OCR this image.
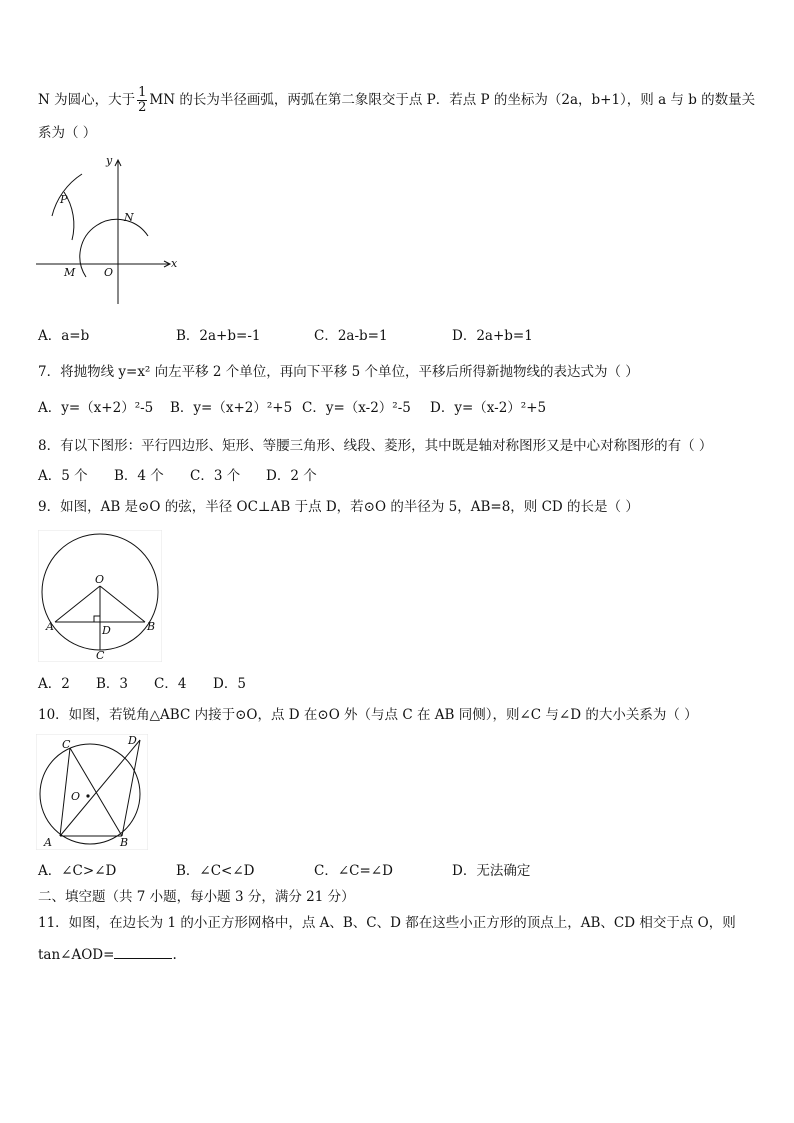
N 为圆心，大于 $\frac{1}{2}$ MN 的长为半径画弧，两弧在第二象限交于点 P．若点 P 的坐标为（2a，b+1），则 a 与 b 的数量关
系为（ ）
y
x
P
N
M	O
A．a=b	B．2a+b=-1	C．2a-b=1	D．2a+b=1
7．将抛物线 y=x² 向左平移 2 个单位，再向下平移 5 个单位，平移后所得新抛物线的表达式为（ ）
A．y=（x+2）²-5 B．y=（x+2）²+5 C．y=（x-2）²-5 D．y=（x-2）²+5
8．有以下图形：平行四边形、矩形、等腰三角形、线段、菱形，其中既是轴对称图形又是中心对称图形的有（ ）
A．5 个 B．4 个 C．3 个 D．2 个
9．如图，AB 是⊙O 的弦，半径 OC⊥AB 于点 D，若⊙O 的半径为 5，AB=8，则 CD 的长是（ ）
O
A	B
D
C
A．2 B．3 C．4 D．5
10．如图，若锐角△ABC 内接于⊙O，点 D 在⊙O 外（与点 C 在 AB 同侧），则∠C 与∠D 的大小关系为（ ）
C	D
O
A	B
A．∠C>∠D	B．∠C<∠D	C．∠C=∠D	D．无法确定
二、填空题（共 7 小题，每小题 3 分，满分 21 分）
11．如图，在边长为 1 的小正方形网格中，点 A、B、C、D 都在这些小正方形的顶点上，AB、CD 相交于点 O，则
tan∠AOD=	.
